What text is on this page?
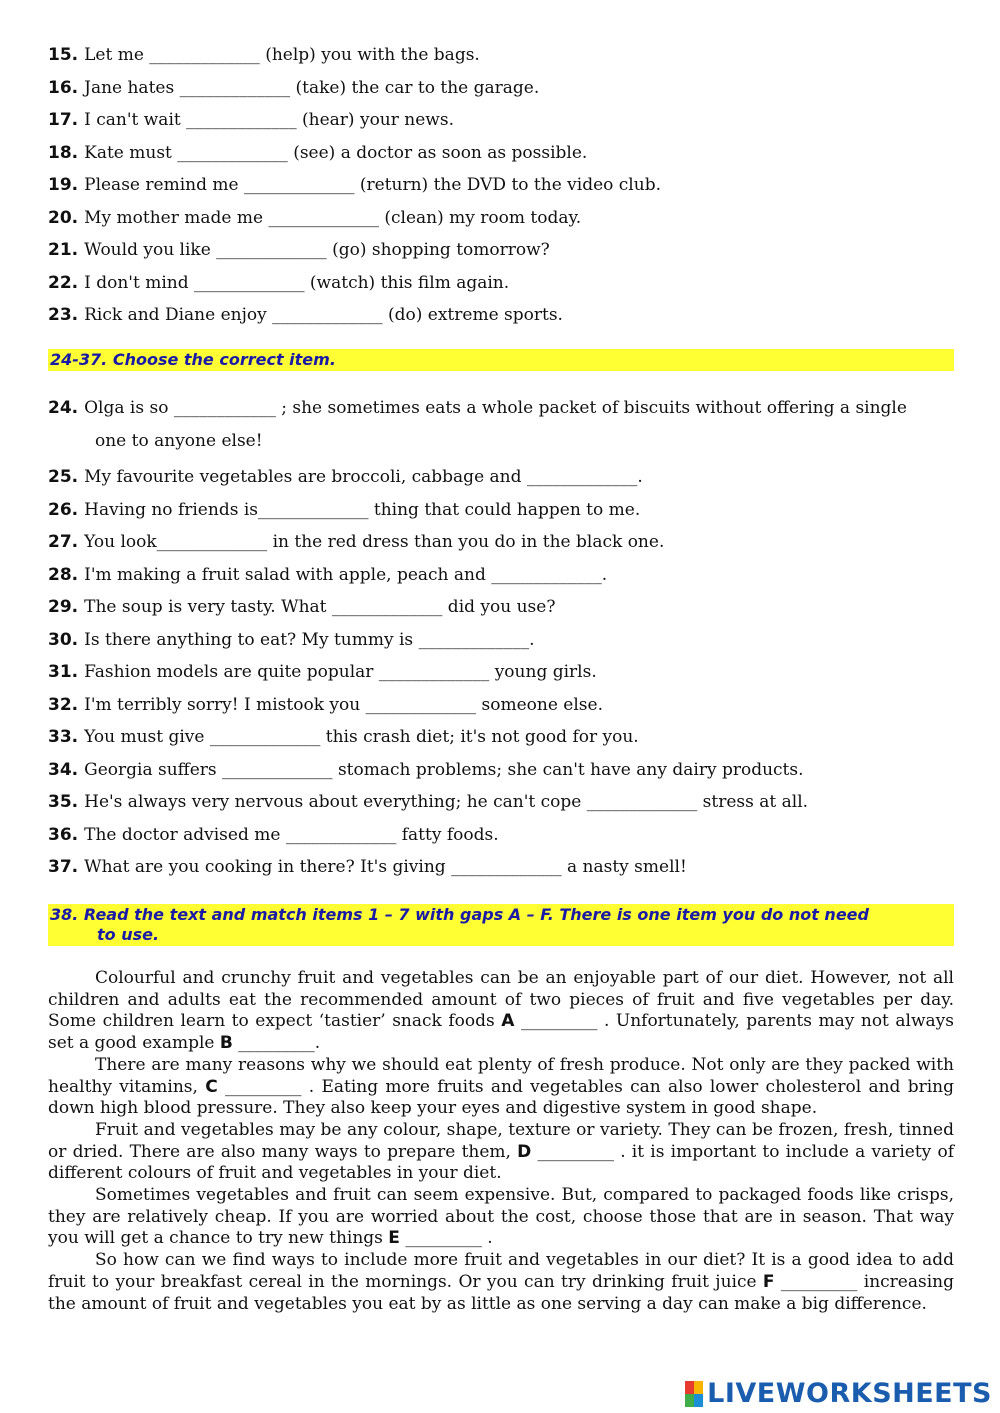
15. Let me _____________ (help) you with the bags.
16. Jane hates _____________ (take) the car to the garage.
17. I can't wait _____________ (hear) your news.
18. Kate must _____________ (see) a doctor as soon as possible.
19. Please remind me _____________ (return) the DVD to the video club.
20. My mother made me _____________ (clean) my room today.
21. Would you like _____________ (go) shopping tomorrow?
22. I don't mind _____________ (watch) this film again.
23. Rick and Diane enjoy _____________ (do) extreme sports.
24-37. Choose the correct item.
24. Olga is so ____________ ; she sometimes eats a whole packet of biscuits without offering a single
one to anyone else!
25. My favourite vegetables are broccoli, cabbage and _____________.
26. Having no friends is_____________ thing that could happen to me.
27. You look_____________ in the red dress than you do in the black one.
28. I'm making a fruit salad with apple, peach and _____________.
29. The soup is very tasty. What _____________ did you use?
30. Is there anything to eat? My tummy is _____________.
31. Fashion models are quite popular _____________ young girls.
32. I'm terribly sorry! I mistook you _____________ someone else.
33. You must give _____________ this crash diet; it's not good for you.
34. Georgia suffers _____________ stomach problems; she can't have any dairy products.
35. He's always very nervous about everything; he can't cope _____________ stress at all.
36. The doctor advised me _____________ fatty foods.
37. What are you cooking in there? It's giving _____________ a nasty smell!
38. Read the text and match items 1 – 7 with gaps A – F. There is one item you do not need
to use.

Colourful and crunchy fruit and vegetables can be an enjoyable part of our diet. However, not all children and adults eat the recommended amount of two pieces of fruit and five vegetables per day. Some children learn to expect ‘tastier’ snack foods A _________ . Unfortunately, parents may not always set a good example B _________.

There are many reasons why we should eat plenty of fresh produce. Not only are they packed with healthy vitamins, C _________ . Eating more fruits and vegetables can also lower cholesterol and bring down high blood pressure. They also keep your eyes and digestive system in good shape.

Fruit and vegetables may be any colour, shape, texture or variety. They can be frozen, fresh, tinned or dried. There are also many ways to prepare them, D _________ . it is important to include a variety of different colours of fruit and vegetables in your diet.

Sometimes vegetables and fruit can seem expensive. But, compared to packaged foods like crisps, they are relatively cheap. If you are worried about the cost, choose those that are in season. That way you will get a chance to try new things E _________ .

So how can we find ways to include more fruit and vegetables in our diet? It is a good idea to add fruit to your breakfast cereal in the mornings. Or you can try drinking fruit juice F _________ increasing the amount of fruit and vegetables you eat by as little as one serving a day can make a big difference.

LIVEWORKSHEETS
